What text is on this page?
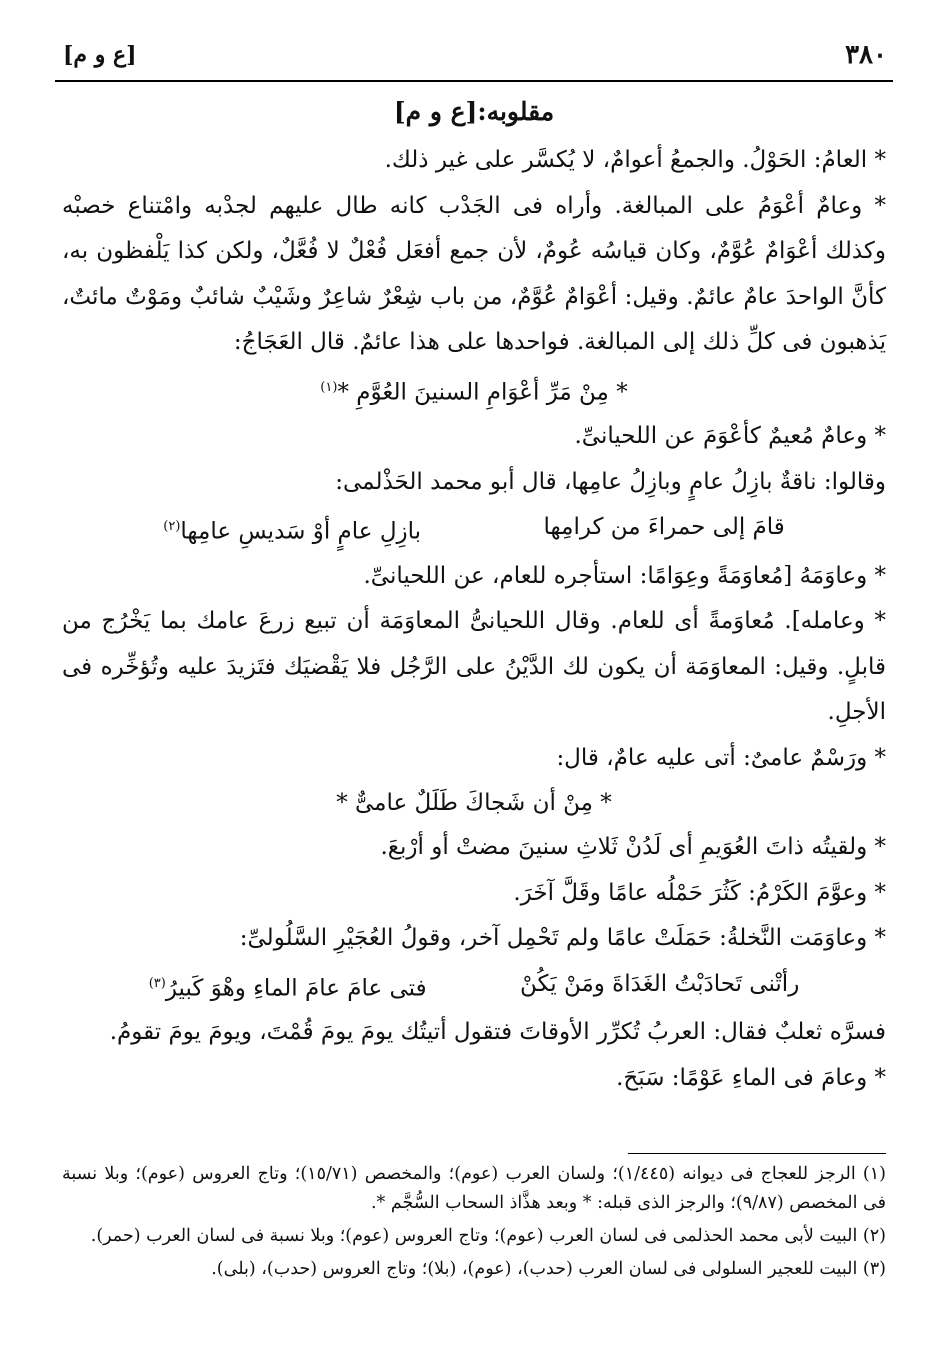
[ع و م]	٣٨٠

مقلوبه:[ع و م]

* العامُ: الحَوْلُ. والجمعُ أعوامٌ، لا يُكسَّر على غير ذلك.

* وعامٌ أعْوَمُ على المبالغة. وأراه فى الجَدْب كانه طال عليهم لجدْبه وامْتناع خصبْه وكذلك أعْوَامٌ عُوَّمٌ، وكان قياسُه عُومٌ، لأن جمع أفعَل فُعْلٌ لا فُعَّلٌ، ولكن كذا يَلْفظون به، كأنَّ الواحدَ عامٌ عائمٌ. وقيل: أعْوَامٌ عُوَّمٌ، من باب شِعْرٌ شاعِرٌ وشَيْبٌ شائبٌ ومَوْتٌ مائتٌ، يَذهبون فى كلِّ ذلك إلى المبالغة. فواحدها على هذا عائمٌ. قال العَجَاجُ:

* مِنْ مَرِّ أعْوَامِ السنينَ العُوَّمِ *$^{(١)}$

* وعامٌ مُعيمٌ كأعْوَمَ عن اللحيانىِّ.

وقالوا: ناقةٌ بازِلُ عامٍ وبازِلُ عامِها، قال أبو محمد الحَذْلمى:

قامَ إلى حمراءَ من كرامِها
بازِلِ عامٍ أوْ سَديسِ عامِها$^{(٢)}$

* وعاوَمَهُ [مُعاوَمَةً وعِوَامًا: استأجره للعام، عن اللحيانىِّ.

* وعامله]. مُعاوَمةً أى للعام. وقال اللحيانىُّ المعاوَمَة أن تبيع زرعَ عامك بما يَخْرُج من قابلٍ. وقيل: المعاوَمَة أن يكون لك الدَّيْنُ على الرَّجُل فلا يَقْضيَك فتَزيدَ عليه وتُؤخِّره فى الأجلِ.

* ورَسْمٌ عامىٌ: أتى عليه عامٌ، قال:

* مِنْ أن شَجاكَ طَلَلٌ عامىٌّ *

* ولقيتُه ذاتَ العُوَيمِ أى لَدُنْ ثَلاثِ سنينَ مضتْ أو أرْبعَ.

* وعوَّمَ الكَرْمُ: كَثُرَ حَمْلُه عامًا وقَلَّ آخَرَ.

* وعاوَمَت النَّخلةُ: حَمَلَتْ عامًا ولم تَحْمِل آخر، وقولُ العُجَيْرِ السَّلُولىِّ:

رأتْنى تَحادَبْتُ الغَدَاةَ ومَنْ يَكُنْ
فتى عامَ عامَ الماءِ وهْوَ كَبيرُ$^{(٣)}$

فسرَّه ثعلبٌ فقال: العربُ تُكرِّر الأوقاتَ فتقول أتيتُك يومَ يومَ قُمْتَ، ويومَ يومَ تقومُ.

* وعامَ فى الماءِ عَوْمًا: سَبَحَ.

(١) الرجز للعجاج فى ديوانه (١/٤٤٥)؛ ولسان العرب (عوم)؛ والمخصص (١٥/٧١)؛ وتاج العروس (عوم)؛ وبلا نسبة فى المخصص (٩/٨٧)؛ والرجز الذى قبله: * وبعد هذَّاذ السحاب السُّجَّم *.

(٢) البيت لأبى محمد الحذلمى فى لسان العرب (عوم)؛ وتاج العروس (عوم)؛ وبلا نسبة فى لسان العرب (حمر).

(٣) البيت للعجير السلولى فى لسان العرب (حدب)، (عوم)، (بلا)؛ وتاج العروس (حدب)، (بلى).
